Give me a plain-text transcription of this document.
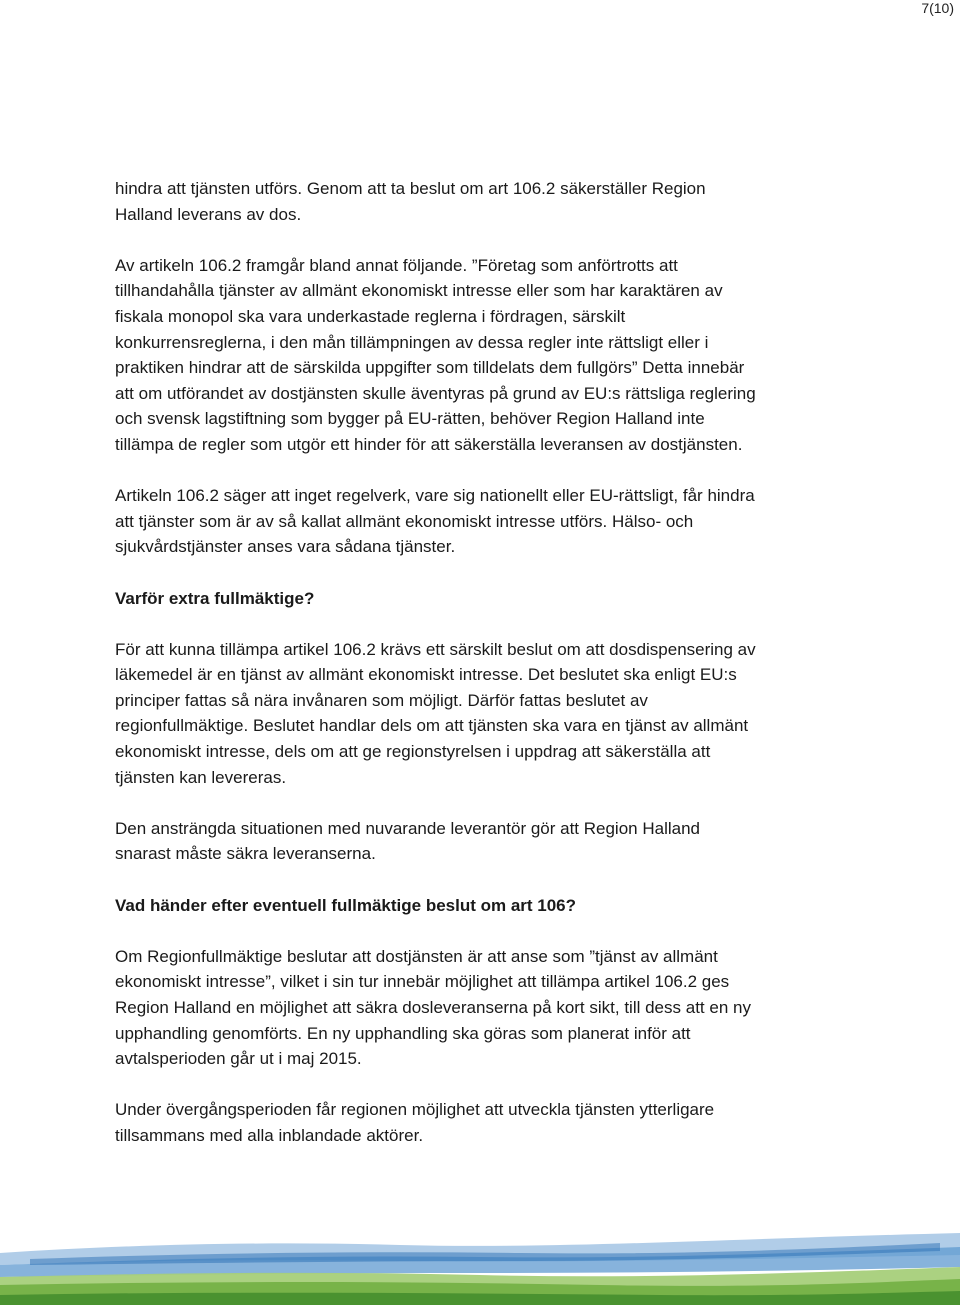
7(10)

hindra att tjänsten utförs. Genom att ta beslut om art 106.2 säkerställer Region
Halland leverans av dos.

Av artikeln 106.2 framgår bland annat följande. ”Företag som anförtrotts att
tillhandahålla tjänster av allmänt ekonomiskt intresse eller som har karaktären av
fiskala monopol ska vara underkastade reglerna i fördragen, särskilt
konkurrensreglerna, i den mån tillämpningen av dessa regler inte rättsligt eller i
praktiken hindrar att de särskilda uppgifter som tilldelats dem fullgörs” Detta innebär
att om utförandet av dostjänsten skulle äventyras på grund av EU:s rättsliga reglering
och svensk lagstiftning som bygger på EU-rätten, behöver Region Halland inte
tillämpa de regler som utgör ett hinder för att säkerställa leveransen av dostjänsten.

Artikeln 106.2 säger att inget regelverk, vare sig nationellt eller EU-rättsligt, får hindra
att tjänster som är av så kallat allmänt ekonomiskt intresse utförs. Hälso- och
sjukvårdstjänster anses vara sådana tjänster.

Varför extra fullmäktige?

För att kunna tillämpa artikel 106.2 krävs ett särskilt beslut om att dosdispensering av
läkemedel är en tjänst av allmänt ekonomiskt intresse. Det beslutet ska enligt EU:s
principer fattas så nära invånaren som möjligt. Därför fattas beslutet av
regionfullmäktige. Beslutet handlar dels om att tjänsten ska vara en tjänst av allmänt
ekonomiskt intresse, dels om att ge regionstyrelsen i uppdrag att säkerställa att
tjänsten kan levereras.

Den ansträngda situationen med nuvarande leverantör gör att Region Halland
snarast måste säkra leveranserna.

Vad händer efter eventuell fullmäktige beslut om art 106?

Om Regionfullmäktige beslutar att dostjänsten är att anse som ”tjänst av allmänt
ekonomiskt intresse”, vilket i sin tur innebär möjlighet att tillämpa artikel 106.2 ges
Region Halland en möjlighet att säkra dosleveranserna på kort sikt, till dess att en ny
upphandling genomförts. En ny upphandling ska göras som planerat inför att
avtalsperioden går ut i maj 2015.

Under övergångsperioden får regionen möjlighet att utveckla tjänsten ytterligare
tillsammans med alla inblandade aktörer.
